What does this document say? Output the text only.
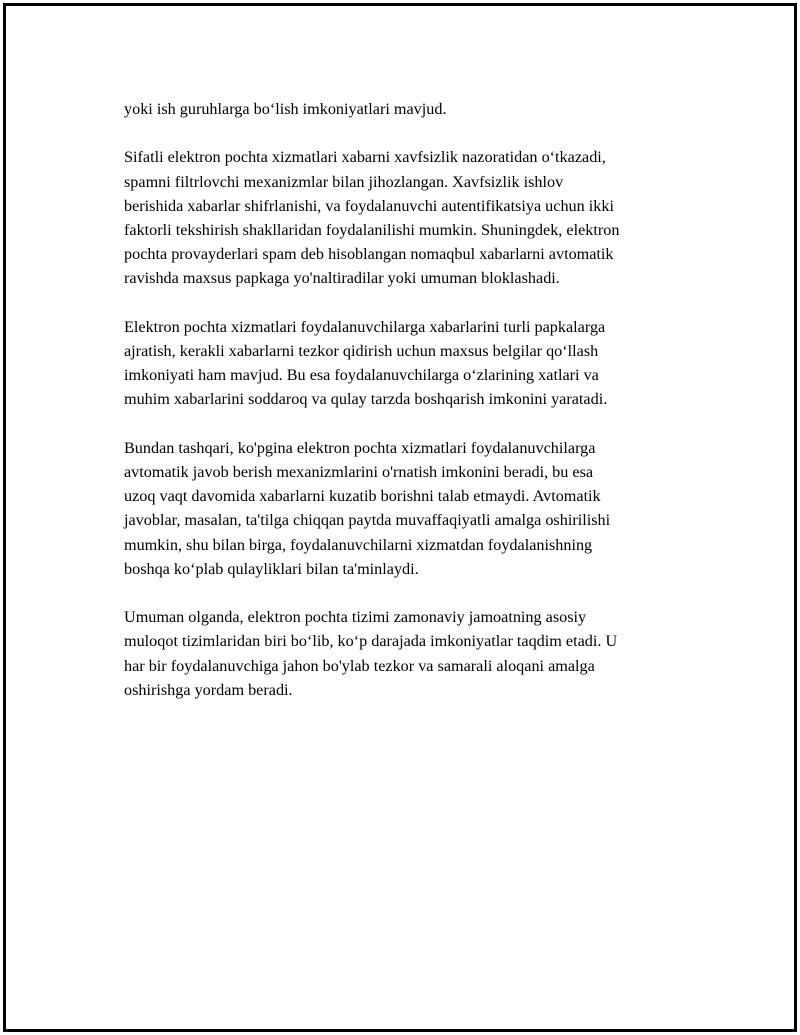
yoki ish guruhlarga bo‘lish imkoniyatlari mavjud.

Sifatli elektron pochta xizmatlari xabarni xavfsizlik nazoratidan o‘tkazadi,
spamni filtrlovchi mexanizmlar bilan jihozlangan. Xavfsizlik ishlov
berishida xabarlar shifrlanishi, va foydalanuvchi autentifikatsiya uchun ikki
faktorli tekshirish shakllaridan foydalanilishi mumkin. Shuningdek, elektron
pochta provayderlari spam deb hisoblangan nomaqbul xabarlarni avtomatik
ravishda maxsus papkaga yo'naltiradilar yoki umuman bloklashadi.

Elektron pochta xizmatlari foydalanuvchilarga xabarlarini turli papkalarga
ajratish, kerakli xabarlarni tezkor qidirish uchun maxsus belgilar qo‘llash
imkoniyati ham mavjud. Bu esa foydalanuvchilarga o‘zlarining xatlari va
muhim xabarlarini soddaroq va qulay tarzda boshqarish imkonini yaratadi.

Bundan tashqari, ko'pgina elektron pochta xizmatlari foydalanuvchilarga
avtomatik javob berish mexanizmlarini o'rnatish imkonini beradi, bu esa
uzoq vaqt davomida xabarlarni kuzatib borishni talab etmaydi. Avtomatik
javoblar, masalan, ta'tilga chiqqan paytda muvaffaqiyatli amalga oshirilishi
mumkin, shu bilan birga, foydalanuvchilarni xizmatdan foydalanishning
boshqa ko‘plab qulayliklari bilan ta'minlaydi.

Umuman olganda, elektron pochta tizimi zamonaviy jamoatning asosiy
muloqot tizimlaridan biri bo‘lib, ko‘p darajada imkoniyatlar taqdim etadi. U
har bir foydalanuvchiga jahon bo'ylab tezkor va samarali aloqani amalga
oshirishga yordam beradi.
